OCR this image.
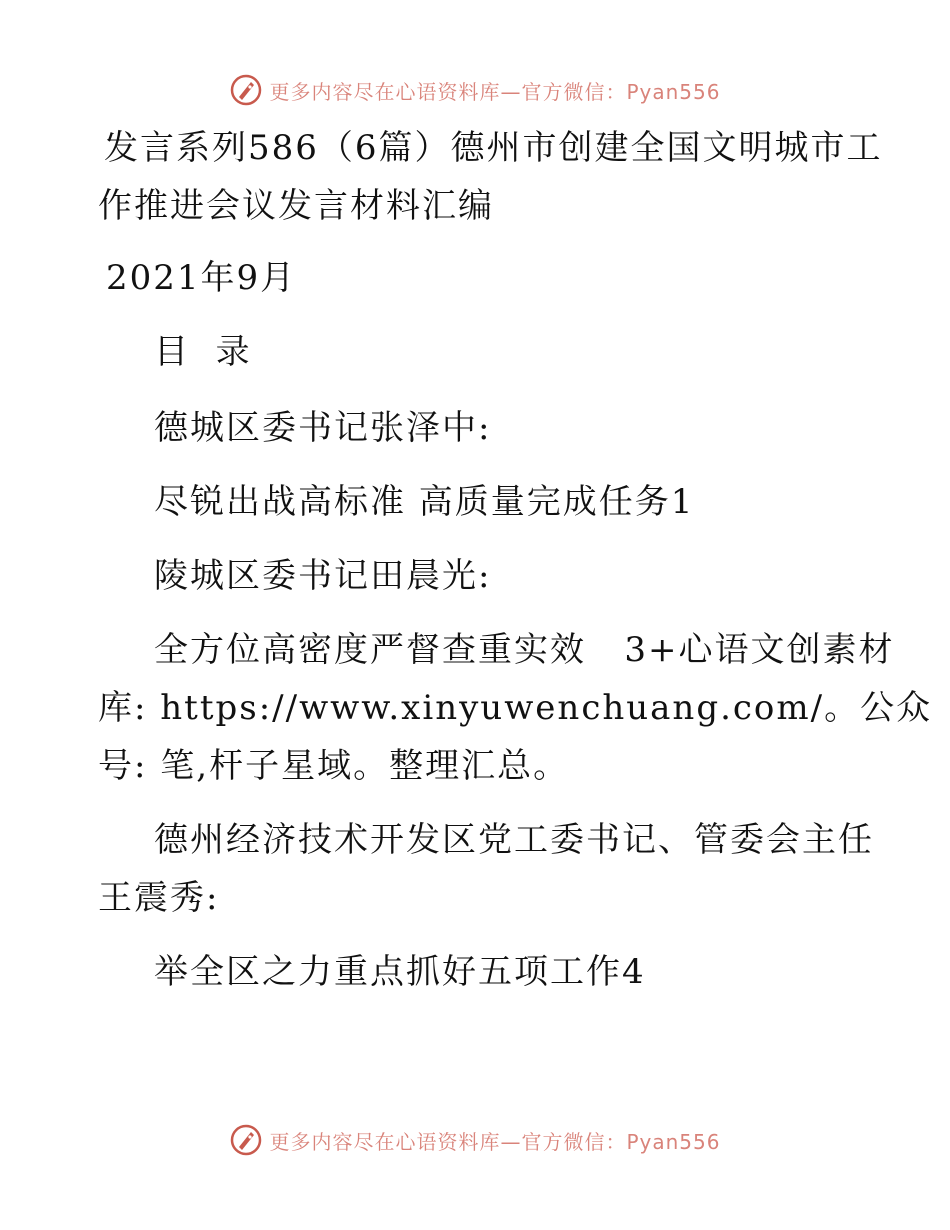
更多内容尽在心语资料库—官方微信：Pyan556
发言系列586（6篇）德州市创建全国文明城市工
作推进会议发言材料汇编
2021年9月
目  录
德城区委书记张泽中:
尽锐出战高标准 高质量完成任务1
陵城区委书记田晨光:
全方位高密度严督查重实效   3+心语文创素材
库: https://www.xinyuwenchuang.com/。公众
号: 笔,杆子星域。整理汇总。
德州经济技术开发区党工委书记、管委会主任
王震秀:
举全区之力重点抓好五项工作4
更多内容尽在心语资料库—官方微信：Pyan556
